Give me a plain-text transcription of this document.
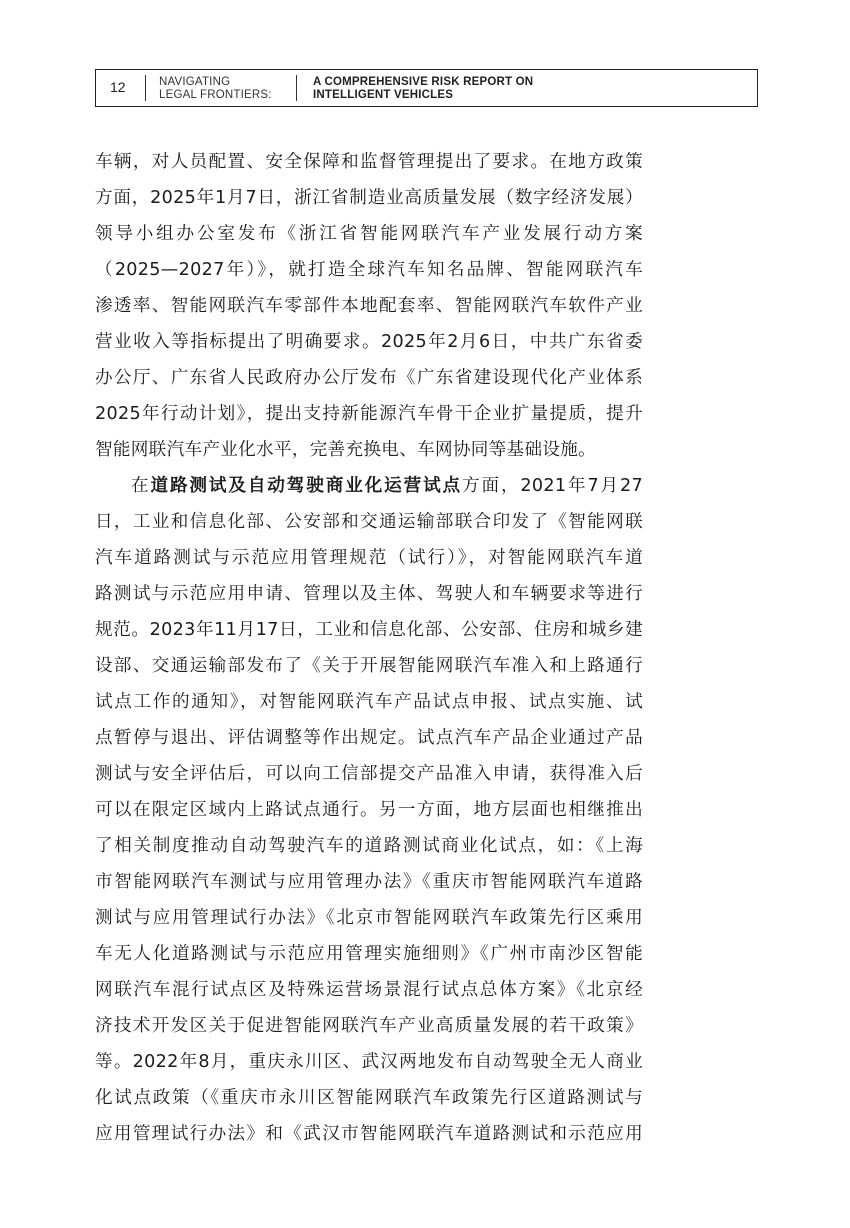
12	NAVIGATING
LEGAL FRONTIERS:
A COMPREHENSIVE RISK REPORT ON
INTELLIGENT VEHICLES
车辆，对人员配置、安全保障和监督管理提出了要求。在地方政策
方面，2025年1月7日，浙江省制造业高质量发展（数字经济发展）
领导小组办公室发布《浙江省智能网联汽车产业发展行动方案
（2025—2027年）》，就打造全球汽车知名品牌、智能网联汽车
渗透率、智能网联汽车零部件本地配套率、智能网联汽车软件产业
营业收入等指标提出了明确要求。2025年2月6日，中共广东省委
办公厅、广东省人民政府办公厅发布《广东省建设现代化产业体系
2025年行动计划》，提出支持新能源汽车骨干企业扩量提质，提升
智能网联汽车产业化水平，完善充换电、车网协同等基础设施。
在道路测试及自动驾驶商业化运营试点方面，2021年7月27
日，工业和信息化部、公安部和交通运输部联合印发了《智能网联
汽车道路测试与示范应用管理规范（试行）》，对智能网联汽车道
路测试与示范应用申请、管理以及主体、驾驶人和车辆要求等进行
规范。2023年11月17日，工业和信息化部、公安部、住房和城乡建
设部、交通运输部发布了《关于开展智能网联汽车准入和上路通行
试点工作的通知》，对智能网联汽车产品试点申报、试点实施、试
点暂停与退出、评估调整等作出规定。试点汽车产品企业通过产品
测试与安全评估后，可以向工信部提交产品准入申请，获得准入后
可以在限定区域内上路试点通行。另一方面，地方层面也相继推出
了相关制度推动自动驾驶汽车的道路测试商业化试点，如：《上海
市智能网联汽车测试与应用管理办法》《重庆市智能网联汽车道路
测试与应用管理试行办法》《北京市智能网联汽车政策先行区乘用
车无人化道路测试与示范应用管理实施细则》《广州市南沙区智能
网联汽车混行试点区及特殊运营场景混行试点总体方案》《北京经
济技术开发区关于促进智能网联汽车产业高质量发展的若干政策》
等。2022年8月，重庆永川区、武汉两地发布自动驾驶全无人商业
化试点政策（《重庆市永川区智能网联汽车政策先行区道路测试与
应用管理试行办法》和《武汉市智能网联汽车道路测试和示范应用
